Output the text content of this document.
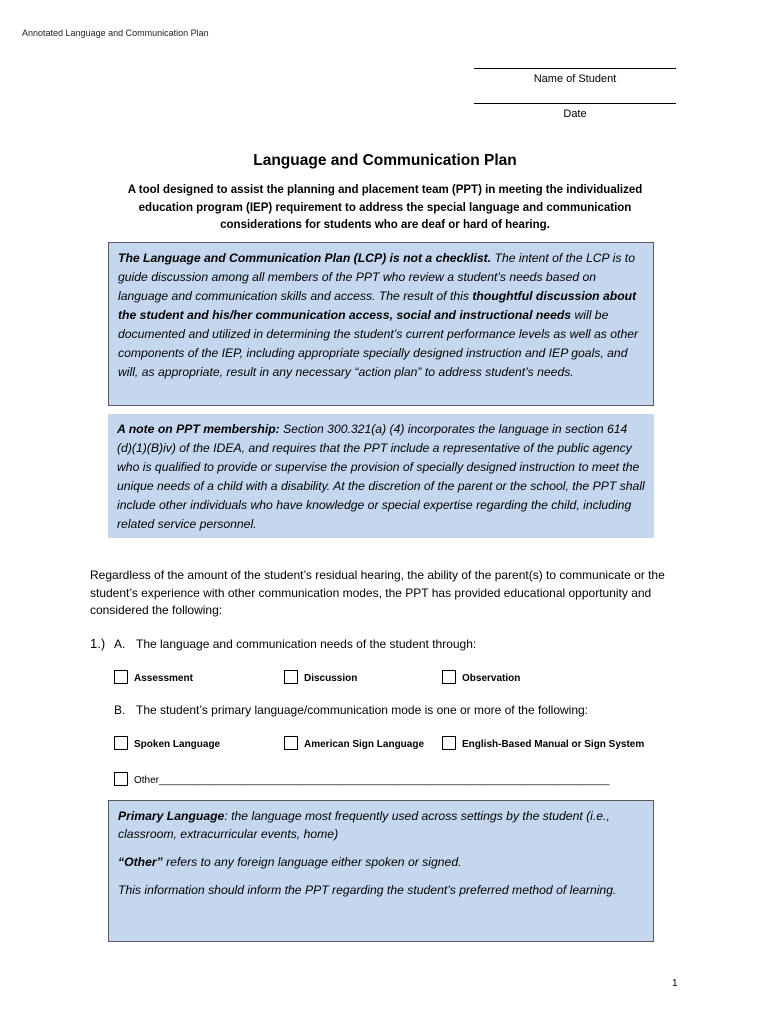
Annotated Language and Communication Plan
Name of Student
Date
Language and Communication Plan
A tool designed to assist the planning and placement team (PPT) in meeting the individualized education program (IEP) requirement to address the special language and communication considerations for students who are deaf or hard of hearing.

The Language and Communication Plan (LCP) is not a checklist. The intent of the LCP is to guide discussion among all members of the PPT who review a student’s needs based on language and communication skills and access. The result of this thoughtful discussion about the student and his/her communication access, social and instructional needs will be documented and utilized in determining the student’s current performance levels as well as other components of the IEP, including appropriate specially designed instruction and IEP goals, and will, as appropriate, result in any necessary “action plan” to address student’s needs.

A note on PPT membership: Section 300.321(a) (4) incorporates the language in section 614 (d)(1)(B)iv) of the IDEA, and requires that the PPT include a representative of the public agency who is qualified to provide or supervise the provision of specially designed instruction to meet the unique needs of a child with a disability. At the discretion of the parent or the school, the PPT shall include other individuals who have knowledge or special expertise regarding the child, including related service personnel.

Regardless of the amount of the student’s residual hearing, the ability of the parent(s) to communicate or the student’s experience with other communication modes, the PPT has provided educational opportunity and considered the following:
1.) A. The language and communication needs of the student through:
Assessment	Discussion	Observation
B. The student’s primary language/communication mode is one or more of the following:
Spoken Language	American Sign Language	English-Based Manual or Sign System
Other_________________________________________________________________________________

Primary Language: the language most frequently used across settings by the student (i.e., classroom, extracurricular events, home)

“Other” refers to any foreign language either spoken or signed.

This information should inform the PPT regarding the student’s preferred method of learning.

1
